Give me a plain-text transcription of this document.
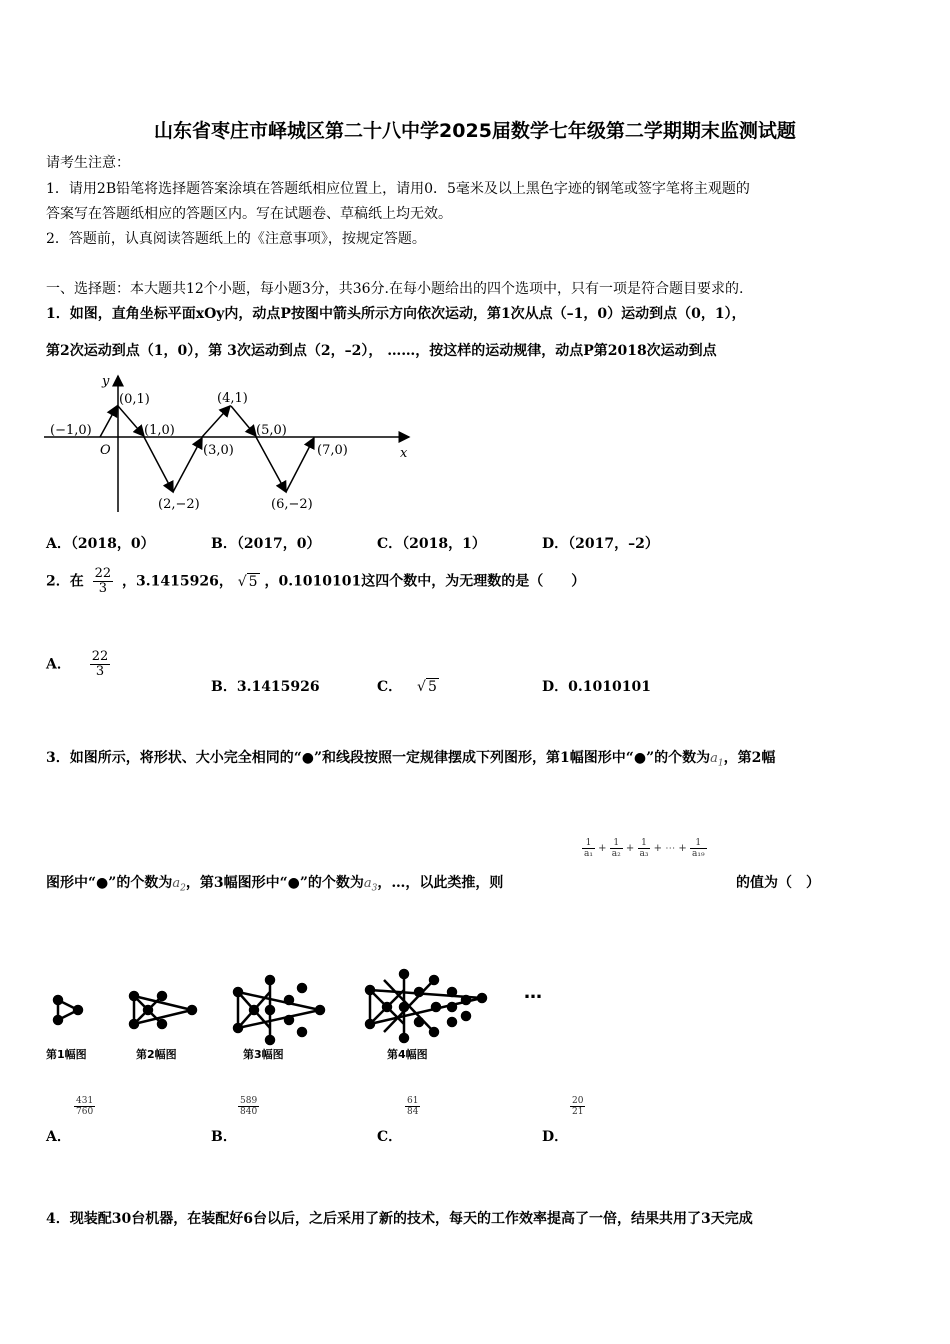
山东省枣庄市峄城区第二十八中学2025届数学七年级第二学期期末监测试题
请考生注意：
1．请用2B铅笔将选择题答案涂填在答题纸相应位置上，请用0．5毫米及以上黑色字迹的钢笔或签字笔将主观题的
答案写在答题纸相应的答题区内。写在试题卷、草稿纸上均无效。
2．答题前，认真阅读答题纸上的《注意事项》，按规定答题。
一、选择题：本大题共12个小题，每小题3分，共36分.在每小题给出的四个选项中，只有一项是符合题目要求的.
1．如图，直角坐标平面xOy内，动点P按图中箭头所示方向依次运动，第1次从点（–1，0）运动到点（0，1），
第2次运动到点（1，0），第 3次运动到点（2，–2）， ……，按这样的运动规律，动点P第2018次运动到点
y
x
O
(−1,0)
(0,1)
(1,0)
(2,−2)
(3,0)
(4,1)
(5,0)
(6,−2)
(7,0)
A．（2018，0）	B．（2017，0）	C．（2018，1）	D．（2017，–2）
2．在 $\frac{22}{3}$ ，3.1415926， √ 5 ，0.1010101这四个数中，为无理数的是（　　）
A． $\frac{22}{3}$
B．3.1415926	C． √ 5	D．0.1010101
3．如图所示，将形状、大小完全相同的“●”和线段按照一定规律摆成下列图形，第1幅图形中“●”的个数为$a_1$，第2幅
图形中“●”的个数为$a_2$，第3幅图形中“●”的个数为$a_3$，…，以此类推，则
$\frac{1}{\text{a₁}} + \frac{1}{\text{a₂}} + \frac{1}{\text{a₃}}$ + ⋯ + $\frac{1}{\text{a₁₉}}$
的值为（　）
…
第1幅图	第2幅图	第3幅图	第4幅图
A．
$\frac{431}{760}$
B．
$\frac{589}{840}$
C．
$\frac{61}{84}$
D．
$\frac{20}{21}$
4．现装配30台机器，在装配好6台以后，之后采用了新的技术，每天的工作效率提高了一倍，结果共用了3天完成
